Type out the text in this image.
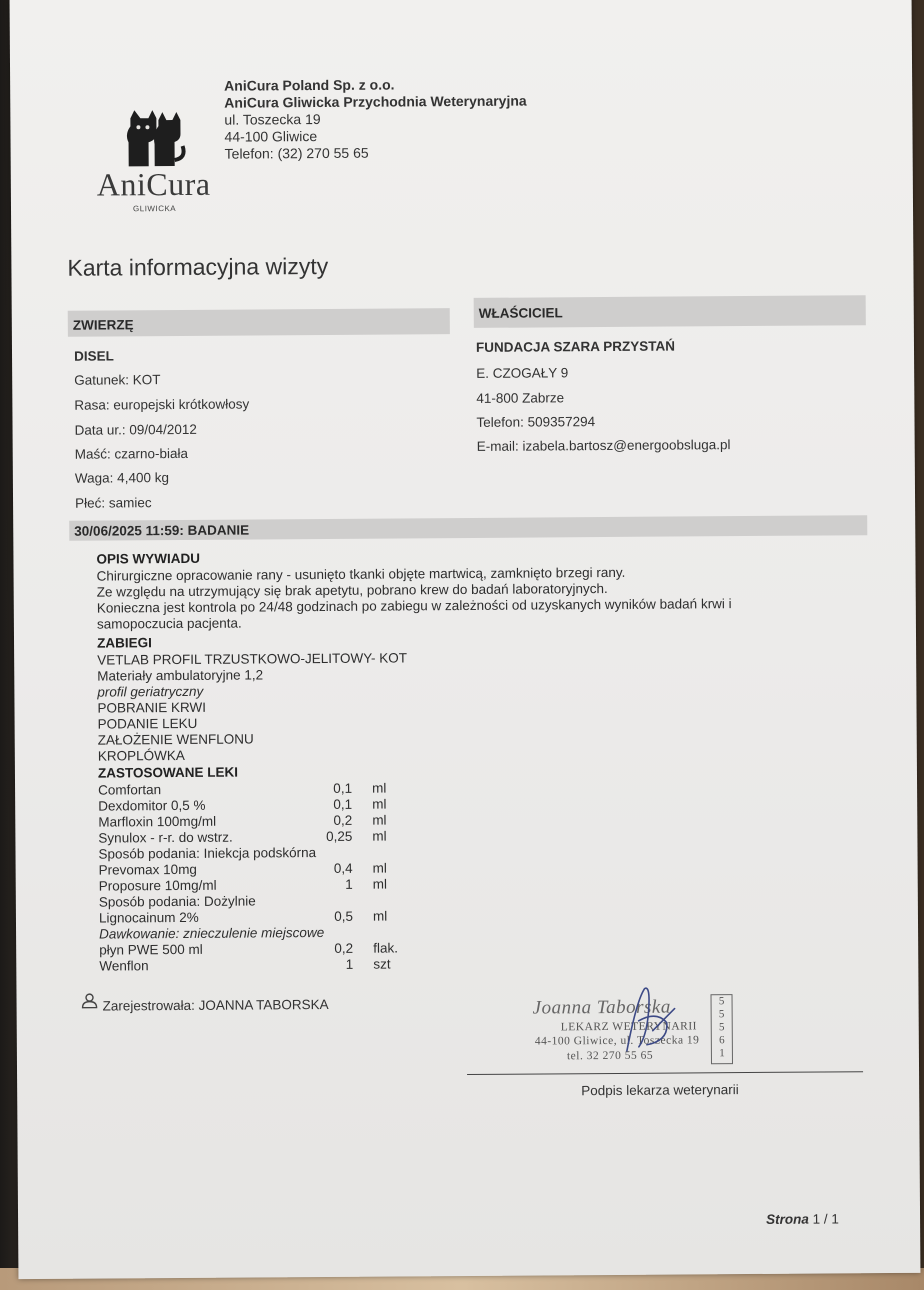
AniCura
GLIWICKA
AniCura Poland Sp. z o.o.
AniCura Gliwicka Przychodnia Weterynaryjna
ul. Toszecka 19
44-100 Gliwice
Telefon: (32) 270 55 65
Karta informacyjna wizyty
ZWIERZĘ
DISEL
Gatunek: KOT
Rasa: europejski krótkowłosy
Data ur.: 09/04/2012
Maść: czarno-biała
Waga: 4,400 kg
Płeć: samiec
WŁAŚCICIEL
FUNDACJA SZARA PRZYSTAŃ
E. CZOGAŁY 9
41-800 Zabrze
Telefon: 509357294
E-mail: izabela.bartosz@energoobsluga.pl
30/06/2025 11:59: BADANIE
OPIS WYWIADU
Chirurgiczne opracowanie rany - usunięto tkanki objęte martwicą, zamknięto brzegi rany.
Ze względu na utrzymujący się brak apetytu, pobrano krew do badań laboratoryjnych.
Konieczna jest kontrola po 24/48 godzinach po zabiegu w zależności od uzyskanych wyników badań krwi i
samopoczucia pacjenta.
ZABIEGI
VETLAB PROFIL TRZUSTKOWO-JELITOWY- KOT
Materiały ambulatoryjne 1,2
profil geriatryczny
POBRANIE KRWI
PODANIE LEKU
ZAŁOŻENIE WENFLONU
KROPLÓWKA
ZASTOSOWANE LEKI
Comfortan	0,1 ml
Dexdomitor 0,5 %	0,1 ml
Marfloxin 100mg/ml	0,2 ml
Synulox - r-r. do wstrz.	0,25 ml
Sposób podania: Iniekcja podskórna
Prevomax 10mg	0,4 ml
Proposure 10mg/ml	1 ml
Sposób podania: Dożylnie
Lignocainum 2%	0,5 ml
Dawkowanie: znieczulenie miejscowe
płyn PWE 500 ml	0,2 flak.
Wenflon	1 szt
Zarejestrowała: JOANNA TABORSKA	Joanna Taborska
LEKARZ WETERYNARII
44-100 Gliwice, ul. Toszecka 19
tel. 32 270 55 65
5
5
5
6
1
Podpis lekarza weterynarii
Strona 1 / 1
